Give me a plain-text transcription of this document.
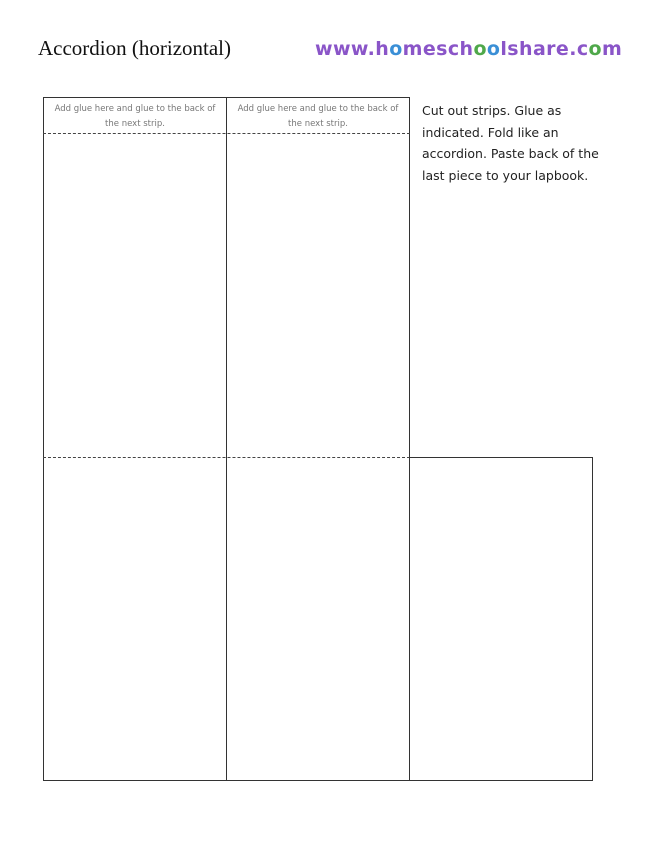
Accordion (horizontal)	www.homeschoolshare.com
Add glue here and glue to the back of the next strip.
Add glue here and glue to the back of the next strip.
Cut out strips. Glue as indicated. Fold like an accordion. Paste back of the last piece to your lapbook.
